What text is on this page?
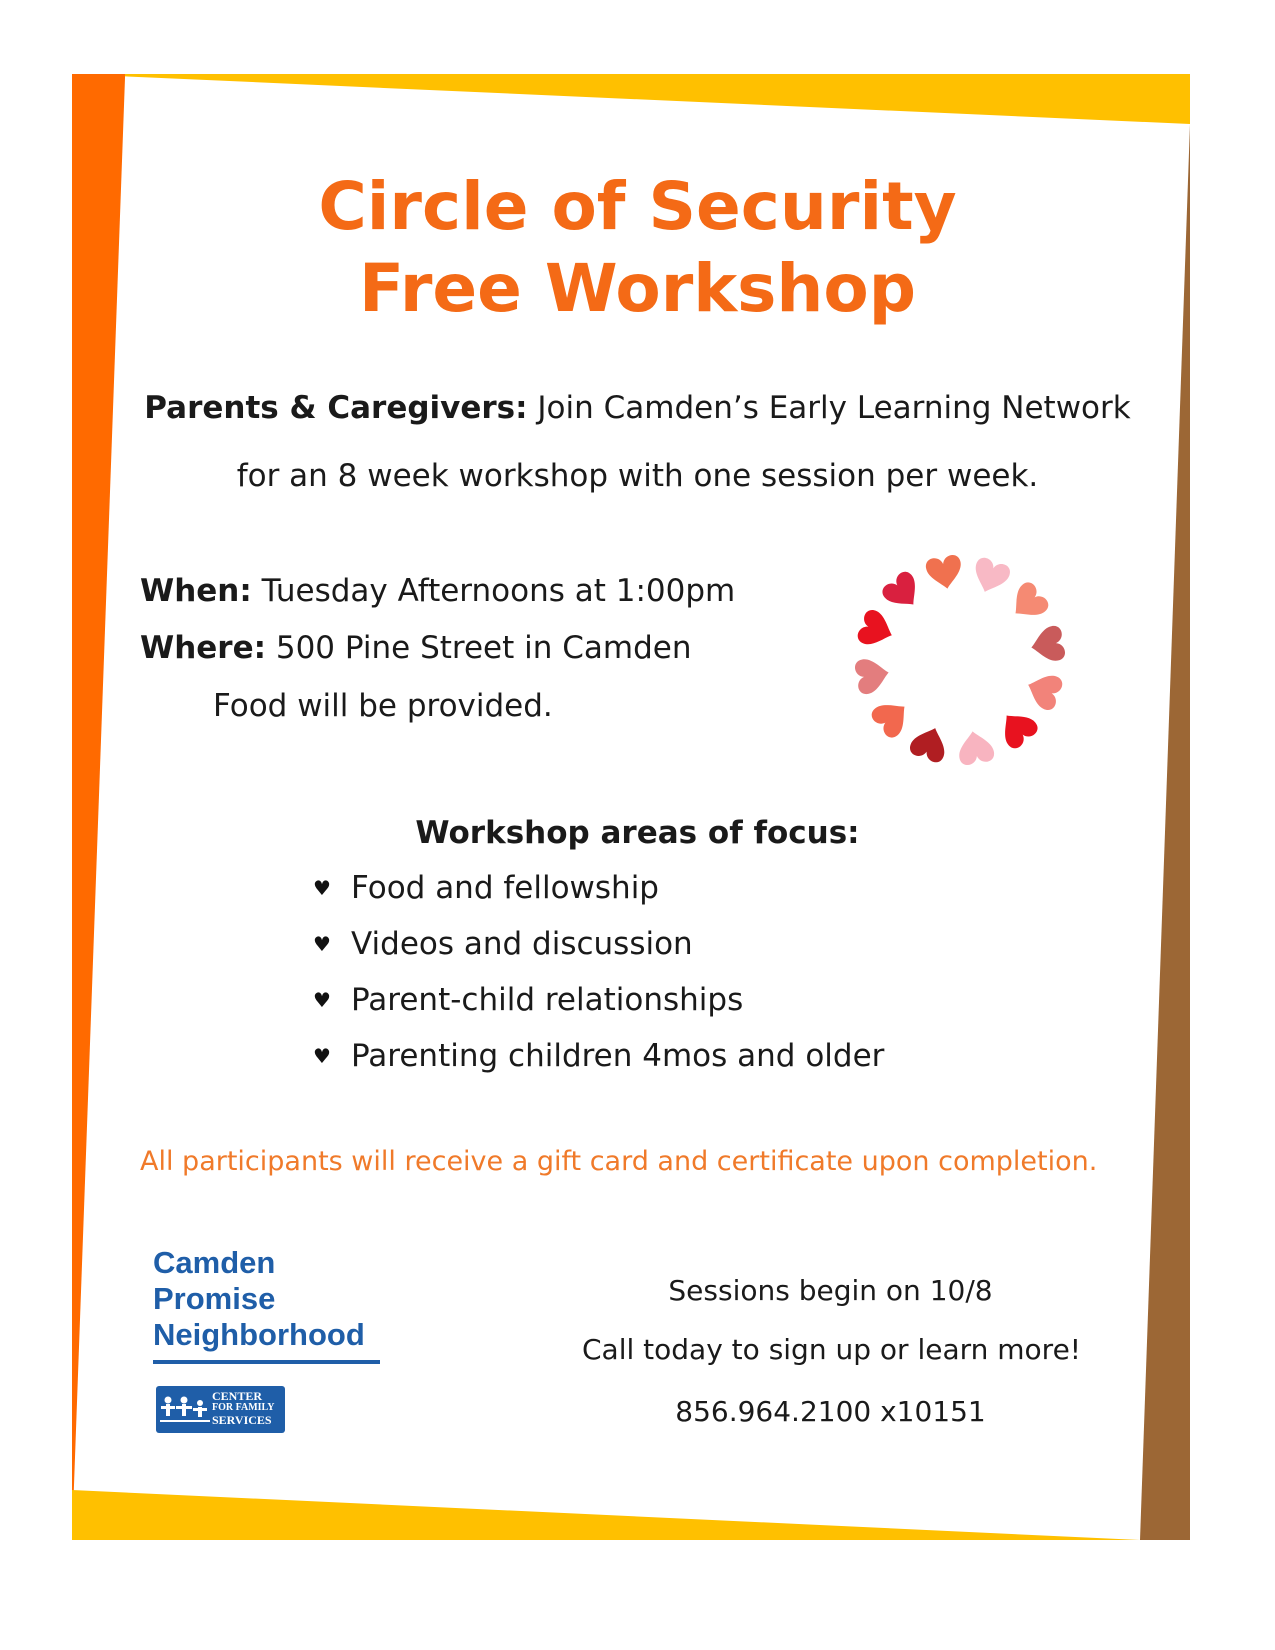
Circle of Security
Free Workshop
Parents & Caregivers: Join Camden’s Early Learning Network
for an 8 week workshop with one session per week.
When: Tuesday Afternoons at 1:00pm
Where: 500 Pine Street in Camden
Food will be provided.
Workshop areas of focus:
♥ Food and fellowship
♥ Videos and discussion
♥ Parent-child relationships
♥ Parenting children 4mos and older
All participants will receive a gift card and certificate upon completion.
Camden
Promise
Neighborhood
CENTER
FOR FAMILY
SERVICES
Sessions begin on 10/8
Call today to sign up or learn more!
856.964.2100 x10151
